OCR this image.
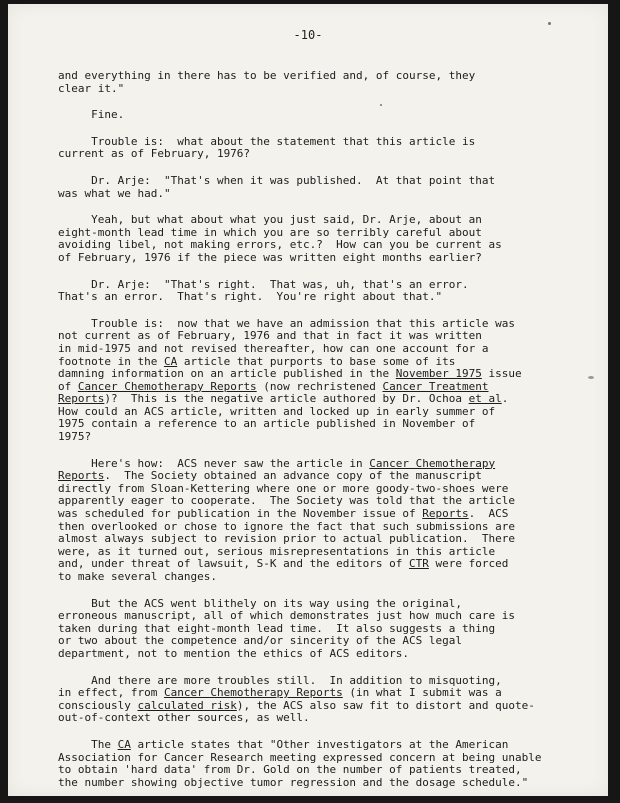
-10-
and everything in there has to be verified and, of course, they
clear it."
Fine.
Trouble is:  what about the statement that this article is
current as of February, 1976?
Dr. Arje:  "That's when it was published.  At that point that
was what we had."
Yeah, but what about what you just said, Dr. Arje, about an
eight-month lead time in which you are so terribly careful about
avoiding libel, not making errors, etc.?  How can you be current as
of February, 1976 if the piece was written eight months earlier?
Dr. Arje:  "That's right.  That was, uh, that's an error.
That's an error.  That's right.  You're right about that."
Trouble is:  now that we have an admission that this article was
not current as of February, 1976 and that in fact it was written
in mid-1975 and not revised thereafter, how can one account for a
footnote in the CA article that purports to base some of its
damning information on an article published in the November 1975 issue
of Cancer Chemotherapy Reports (now rechristened Cancer Treatment
Reports)?  This is the negative article authored by Dr. Ochoa et al.
How could an ACS article, written and locked up in early summer of
1975 contain a reference to an article published in November of
1975?
Here's how:  ACS never saw the article in Cancer Chemotherapy
Reports.  The Society obtained an advance copy of the manuscript
directly from Sloan-Kettering where one or more goody-two-shoes were
apparently eager to cooperate.  The Society was told that the article
was scheduled for publication in the November issue of Reports.  ACS
then overlooked or chose to ignore the fact that such submissions are
almost always subject to revision prior to actual publication.  There
were, as it turned out, serious misrepresentations in this article
and, under threat of lawsuit, S-K and the editors of CTR were forced
to make several changes.
But the ACS went blithely on its way using the original,
erroneous manuscript, all of which demonstrates just how much care is
taken during that eight-month lead time.  It also suggests a thing
or two about the competence and/or sincerity of the ACS legal
department, not to mention the ethics of ACS editors.
And there are more troubles still.  In addition to misquoting,
in effect, from Cancer Chemotherapy Reports (in what I submit was a
consciously calculated risk), the ACS also saw fit to distort and quote-
out-of-context other sources, as well.
The CA article states that "Other investigators at the American
Association for Cancer Research meeting expressed concern at being unable
to obtain 'hard data' from Dr. Gold on the number of patients treated,
the number showing objective tumor regression and the dosage schedule."
